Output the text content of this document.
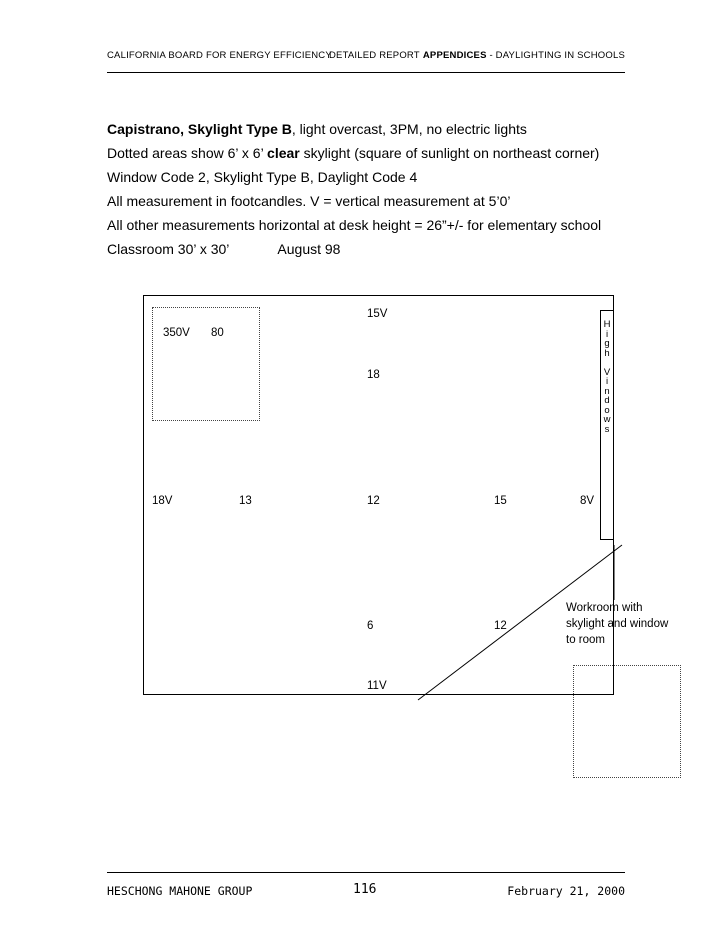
CALIFORNIA BOARD FOR ENERGY EFFICIENCY
DETAILED REPORT APPENDICES - DAYLIGHTING IN SCHOOLS
Capistrano, Skylight Type B, light overcast, 3PM, no electric lights
Dotted areas show 6’ x 6’ clear skylight (square of sunlight on northeast corner)
Window Code 2, Skylight Type B, Daylight Code 4
All measurement in footcandles. V = vertical measurement at 5’0’
All other measurements horizontal at desk height = 26”+/- for elementary school
Classroom 30’ x 30’	August 98
H
i
g
h
V
i
n
d
o
w
s
15V
350V 80
18
18V	13	12	15	8V
6	12
11V
Workroom with skylight and window to room
HESCHONG MAHONE GROUP	116	February 21, 2000
